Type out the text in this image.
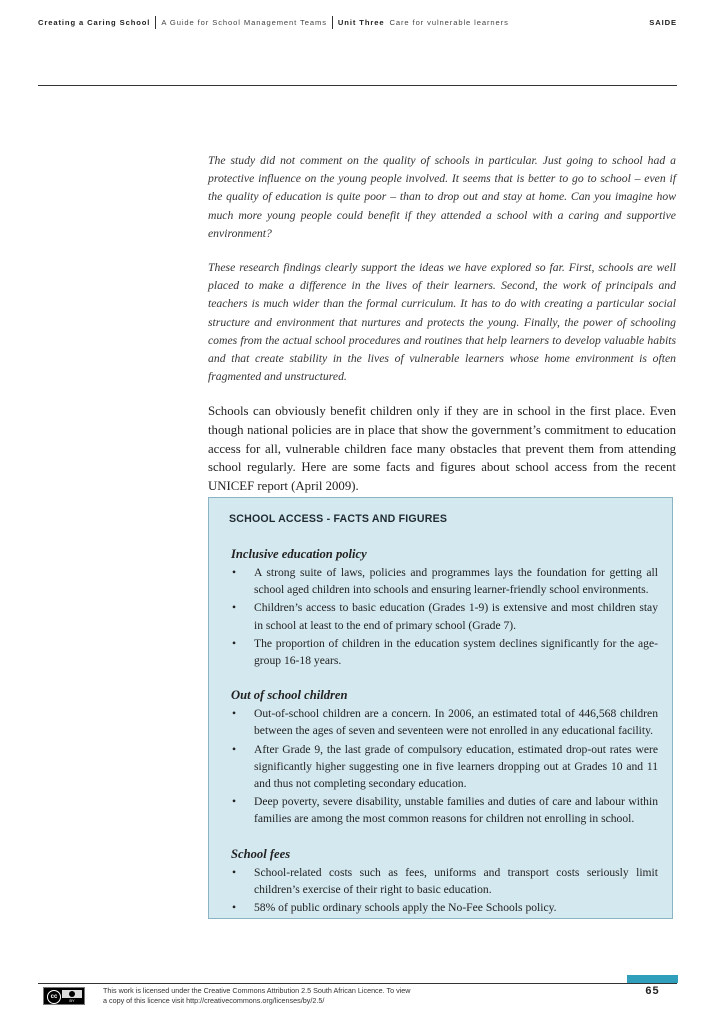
Creating a Caring School A Guide for School Management Teams Unit Three Care for vulnerable learners	SAIDE

The study did not comment on the quality of schools in particular. Just going to school had a protective influence on the young people involved. It seems that is better to go to school – even if the quality of education is quite poor – than to drop out and stay at home. Can you imagine how much more young people could benefit if they attended a school with a caring and supportive environment?

These research findings clearly support the ideas we have explored so far. First, schools are well placed to make a difference in the lives of their learners. Second, the work of principals and teachers is much wider than the formal curriculum. It has to do with creating a particular social structure and environment that nurtures and protects the young. Finally, the power of schooling comes from the actual school procedures and routines that help learners to develop valuable habits and that create stability in the lives of vulnerable learners whose home environment is often fragmented and unstructured.

Schools can obviously benefit children only if they are in school in the first place. Even though national policies are in place that show the government’s commitment to education access for all, vulnerable children face many obstacles that prevent them from attending school regularly. Here are some facts and figures about school access from the recent UNICEF report (April 2009).

SCHOOL ACCESS - FACTS AND FIGURES
Inclusive education policy
• A strong suite of laws, policies and programmes lays the foundation for getting all school aged children into schools and ensuring learner-friendly school environments.
• Children’s access to basic education (Grades 1-9) is extensive and most children stay in school at least to the end of primary school (Grade 7).
• The proportion of children in the education system declines significantly for the age-group 16-18 years.
Out of school children
• Out-of-school children are a concern. In 2006, an estimated total of 446,568 children between the ages of seven and seventeen were not enrolled in any educational facility.
• After Grade 9, the last grade of compulsory education, estimated drop-out rates were significantly higher suggesting one in five learners dropping out at Grades 10 and 11 and thus not completing secondary education.
• Deep poverty, severe disability, unstable families and duties of care and labour within families are among the most common reasons for children not enrolling in school.
School fees
• School-related costs such as fees, uniforms and transport costs seriously limit children’s exercise of their right to basic education.
• 58% of public ordinary schools apply the No-Fee Schools policy.
cc
BY
This work is licensed under the Creative Commons Attribution 2.5 South African Licence. To view
a copy of this licence visit http://creativecommons.org/licenses/by/2.5/
65
